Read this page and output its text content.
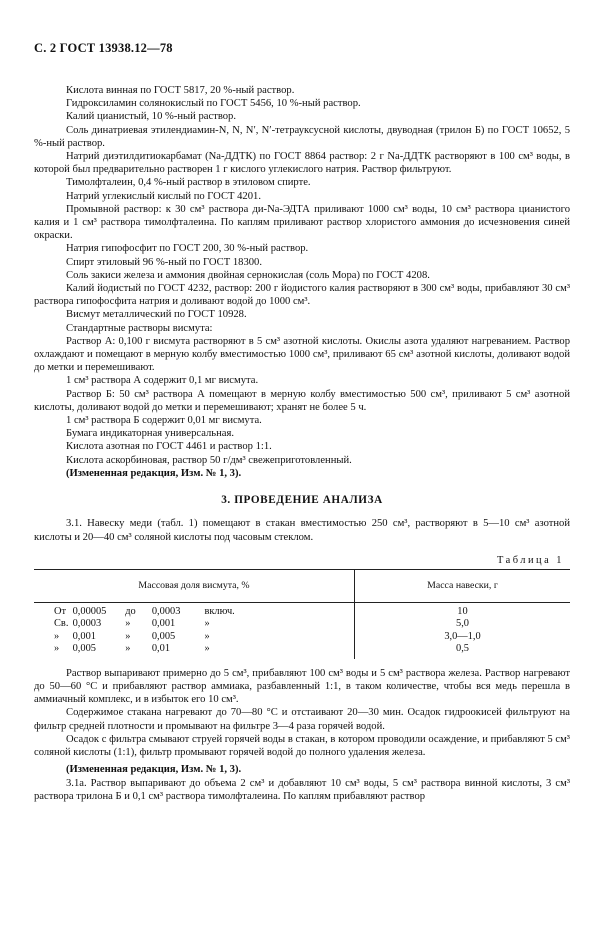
С. 2 ГОСТ 13938.12—78

Кислота винная по ГОСТ 5817, 20 %-ный раствор.

Гидроксиламин солянокислый по ГОСТ 5456, 10 %-ный раствор.

Калий цианистый, 10 %-ный раствор.

Соль динатриевая этилендиамин-N, N, N′, N′-тетрауксусной кислоты, двуводная (трилон Б) по ГОСТ 10652, 5 %-ный раствор.

Натрий диэтилдитиокарбамат (Na-ДДТК) по ГОСТ 8864 раствор: 2 г Na-ДДТК растворяют в 100 см³ воды, в которой был предварительно растворен 1 г кислого углекислого натрия. Раствор фильтруют.

Тимолфталеин, 0,4 %-ный раствор в этиловом спирте.

Натрий углекислый кислый по ГОСТ 4201.

Промывной раствор: к 30 см³ раствора ди-Na-ЭДТА приливают 1000 см³ воды, 10 см³ раствора цианистого калия и 1 см³ раствора тимолфталеина. По каплям приливают раствор хлористого аммония до исчезновения синей окраски.

Натрия гипофосфит по ГОСТ 200, 30 %-ный раствор.

Спирт этиловый 96 %-ный по ГОСТ 18300.

Соль закиси железа и аммония двойная сернокислая (соль Мора) по ГОСТ 4208.

Калий йодистый по ГОСТ 4232, раствор: 200 г йодистого калия растворяют в 300 см³ воды, прибавляют 30 см³ раствора гипофосфита натрия и доливают водой до 1000 см³.

Висмут металлический по ГОСТ 10928.

Стандартные растворы висмута:

Раствор А: 0,100 г висмута растворяют в 5 см³ азотной кислоты. Окислы азота удаляют нагреванием. Раствор охлаждают и помещают в мерную колбу вместимостью 1000 см³, приливают 65 см³ азотной кислоты, доливают водой до метки и перемешивают.

1 см³ раствора А содержит 0,1 мг висмута.

Раствор Б: 50 см³ раствора А помещают в мерную колбу вместимостью 500 см³, приливают 5 см³ азотной кислоты, доливают водой до метки и перемешивают; хранят не более 5 ч.

1 см³ раствора Б содержит 0,01 мг висмута.

Бумага индикаторная универсальная.

Кислота азотная по ГОСТ 4461 и раствор 1:1.

Кислота аскорбиновая, раствор 50 г/дм³ свежеприготовленный.

(Измененная редакция, Изм. № 1, 3).

3. ПРОВЕДЕНИЕ АНАЛИЗА

3.1. Навеску меди (табл. 1) помещают в стакан вместимостью 250 см³, растворяют в 5—10 см³ азотной кислоты и 20—40 см³ соляной кислоты под часовым стеклом.

Таблица 1
Массовая доля висмута, %	Масса навески, г
От 0,00005 до 0,0003 включ.	10
Св. 0,0003 » 0,001 »	5,0
» 0,001 » 0,005 »	3,0—1,0
» 0,005 » 0,01 »	0,5

Раствор выпаривают примерно до 5 см³, прибавляют 100 см³ воды и 5 см³ раствора железа. Раствор нагревают до 50—60 °C и прибавляют раствор аммиака, разбавленный 1:1, в таком количестве, чтобы вся медь перешла в аммиачный комплекс, и в избыток его 10 см³.

Содержимое стакана нагревают до 70—80 °C и отстаивают 20—30 мин. Осадок гидроокисей фильтруют на фильтр средней плотности и промывают на фильтре 3—4 раза горячей водой.

Осадок с фильтра смывают струей горячей воды в стакан, в котором проводили осаждение, и прибавляют 5 см³ соляной кислоты (1:1), фильтр промывают горячей водой до полного удаления железа.

(Измененная редакция, Изм. № 1, 3).

3.1а. Раствор выпаривают до объема 2 см³ и добавляют 10 см³ воды, 5 см³ раствора винной кислоты, 3 см³ раствора трилона Б и 0,1 см³ раствора тимолфталеина. По каплям прибавляют раствор
